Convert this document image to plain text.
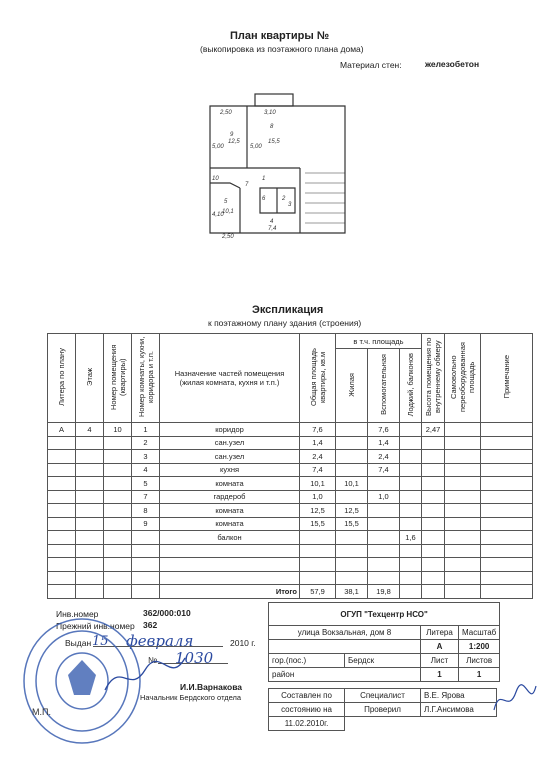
План квартиры №
(выкопировка из поэтажного плана дома)
Материал стен:	железобетон
2,50	3,10
5,00	5,00
4,10
2,50
9
8
10	1
7
6
5	2
3
4
12,5	15,5
10,1
7,4
Экспликация
к поэтажному плану здания (строения)
Литера по плану	Этаж	Номер помещения (квартиры)	Номер комнаты, кухни, коридора и т.п.	Назначение частей помещения (жилая комната, кухня и т.п.)	Общая площадь квартиры, кв.м	в т.ч. площадь			Высота помещения по внутреннему обмеру	Самовольно переоборудованная площадь	Примечание
						Жилая	Вспомогательная	Лоджий, балконов			
А	4	10	1	коридор	7,6		7,6		2,47		
			2	сан.узел	1,4		1,4				
			3	сан.узел	2,4		2,4				
			4	кухня	7,4		7,4				
			5	комната	10,1	10,1					
			7	гардероб	1,0		1,0				
			8	комната	12,5	12,5					
			9	комната	15,5	15,5					
				балкон				1,6			

				Итого	57,9	38,1	19,8				
Инв.номер	362/000:010
Прежний инв.номер 362
Выдан 15 февраля	2010 г.
№ 1030
И.И.Варнакова
Начальник Бердского отдела
М.П.
ОГУП "Техцентр НСО"			
улица Вокзальная, дом 8		Литера	Масштаб
		А	1:200
гор.(пос.)	Бердск	Лист	Листов
район		1	1
Составлен по	Специалист	В.Е. Ярова
состоянию на	Проверил	Л.Г.Ансимова
11.02.2010г.		
